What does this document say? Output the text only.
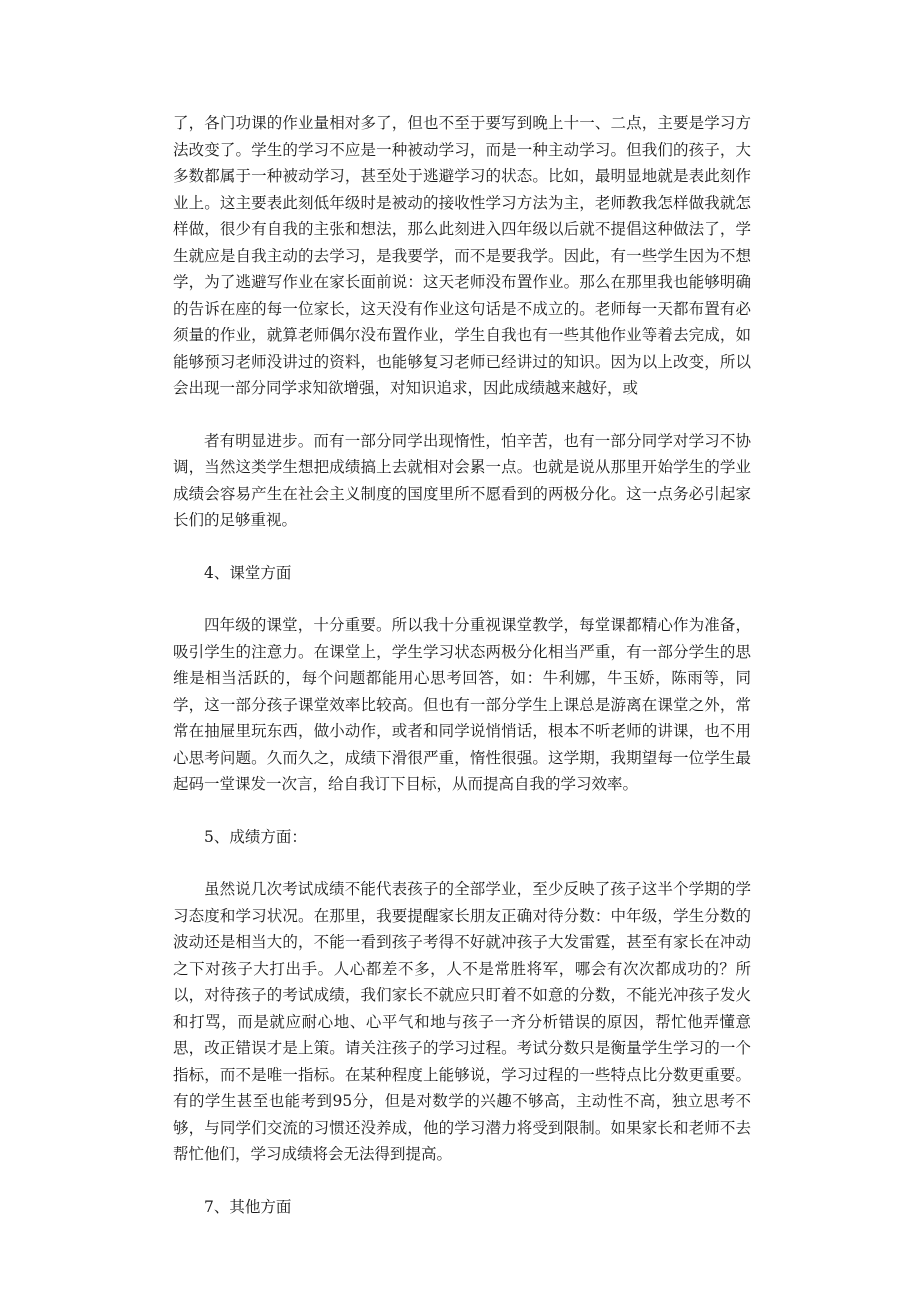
了，各门功课的作业量相对多了，但也不至于要写到晚上十一、二点，主要是学习方法改变了。学生的学习不应是一种被动学习，而是一种主动学习。但我们的孩子，大多数都属于一种被动学习，甚至处于逃避学习的状态。比如，最明显地就是表此刻作业上。这主要表此刻低年级时是被动的接收性学习方法为主，老师教我怎样做我就怎样做，很少有自我的主张和想法，那么此刻进入四年级以后就不提倡这种做法了，学生就应是自我主动的去学习，是我要学，而不是要我学。因此，有一些学生因为不想学，为了逃避写作业在家长面前说：这天老师没布置作业。那么在那里我也能够明确的告诉在座的每一位家长，这天没有作业这句话是不成立的。老师每一天都布置有必须量的作业，就算老师偶尔没布置作业，学生自我也有一些其他作业等着去完成，如能够预习老师没讲过的资料，也能够复习老师已经讲过的知识。因为以上改变，所以会出现一部分同学求知欲增强，对知识追求，因此成绩越来越好，或

者有明显进步。而有一部分同学出现惰性，怕辛苦，也有一部分同学对学习不协调，当然这类学生想把成绩搞上去就相对会累一点。也就是说从那里开始学生的学业成绩会容易产生在社会主义制度的国度里所不愿看到的两极分化。这一点务必引起家长们的足够重视。

4、课堂方面

四年级的课堂，十分重要。所以我十分重视课堂教学，每堂课都精心作为准备，吸引学生的注意力。在课堂上，学生学习状态两极分化相当严重，有一部分学生的思维是相当活跃的，每个问题都能用心思考回答，如：牛利娜，牛玉娇，陈雨等，同学，这一部分孩子课堂效率比较高。但也有一部分学生上课总是游离在课堂之外，常常在抽屉里玩东西，做小动作，或者和同学说悄悄话，根本不听老师的讲课，也不用心思考问题。久而久之，成绩下滑很严重，惰性很强。这学期，我期望每一位学生最起码一堂课发一次言，给自我订下目标，从而提高自我的学习效率。

5、成绩方面：

虽然说几次考试成绩不能代表孩子的全部学业，至少反映了孩子这半个学期的学习态度和学习状况。在那里，我要提醒家长朋友正确对待分数：中年级，学生分数的波动还是相当大的，不能一看到孩子考得不好就冲孩子大发雷霆，甚至有家长在冲动之下对孩子大打出手。人心都差不多，人不是常胜将军，哪会有次次都成功的？所以，对待孩子的考试成绩，我们家长不就应只盯着不如意的分数，不能光冲孩子发火和打骂，而是就应耐心地、心平气和地与孩子一齐分析错误的原因，帮忙他弄懂意思，改正错误才是上策。请关注孩子的学习过程。考试分数只是衡量学生学习的一个指标，而不是唯一指标。在某种程度上能够说，学习过程的一些特点比分数更重要。有的学生甚至也能考到95分，但是对数学的兴趣不够高，主动性不高，独立思考不够，与同学们交流的习惯还没养成，他的学习潜力将受到限制。如果家长和老师不去帮忙他们，学习成绩将会无法得到提高。

7、其他方面
